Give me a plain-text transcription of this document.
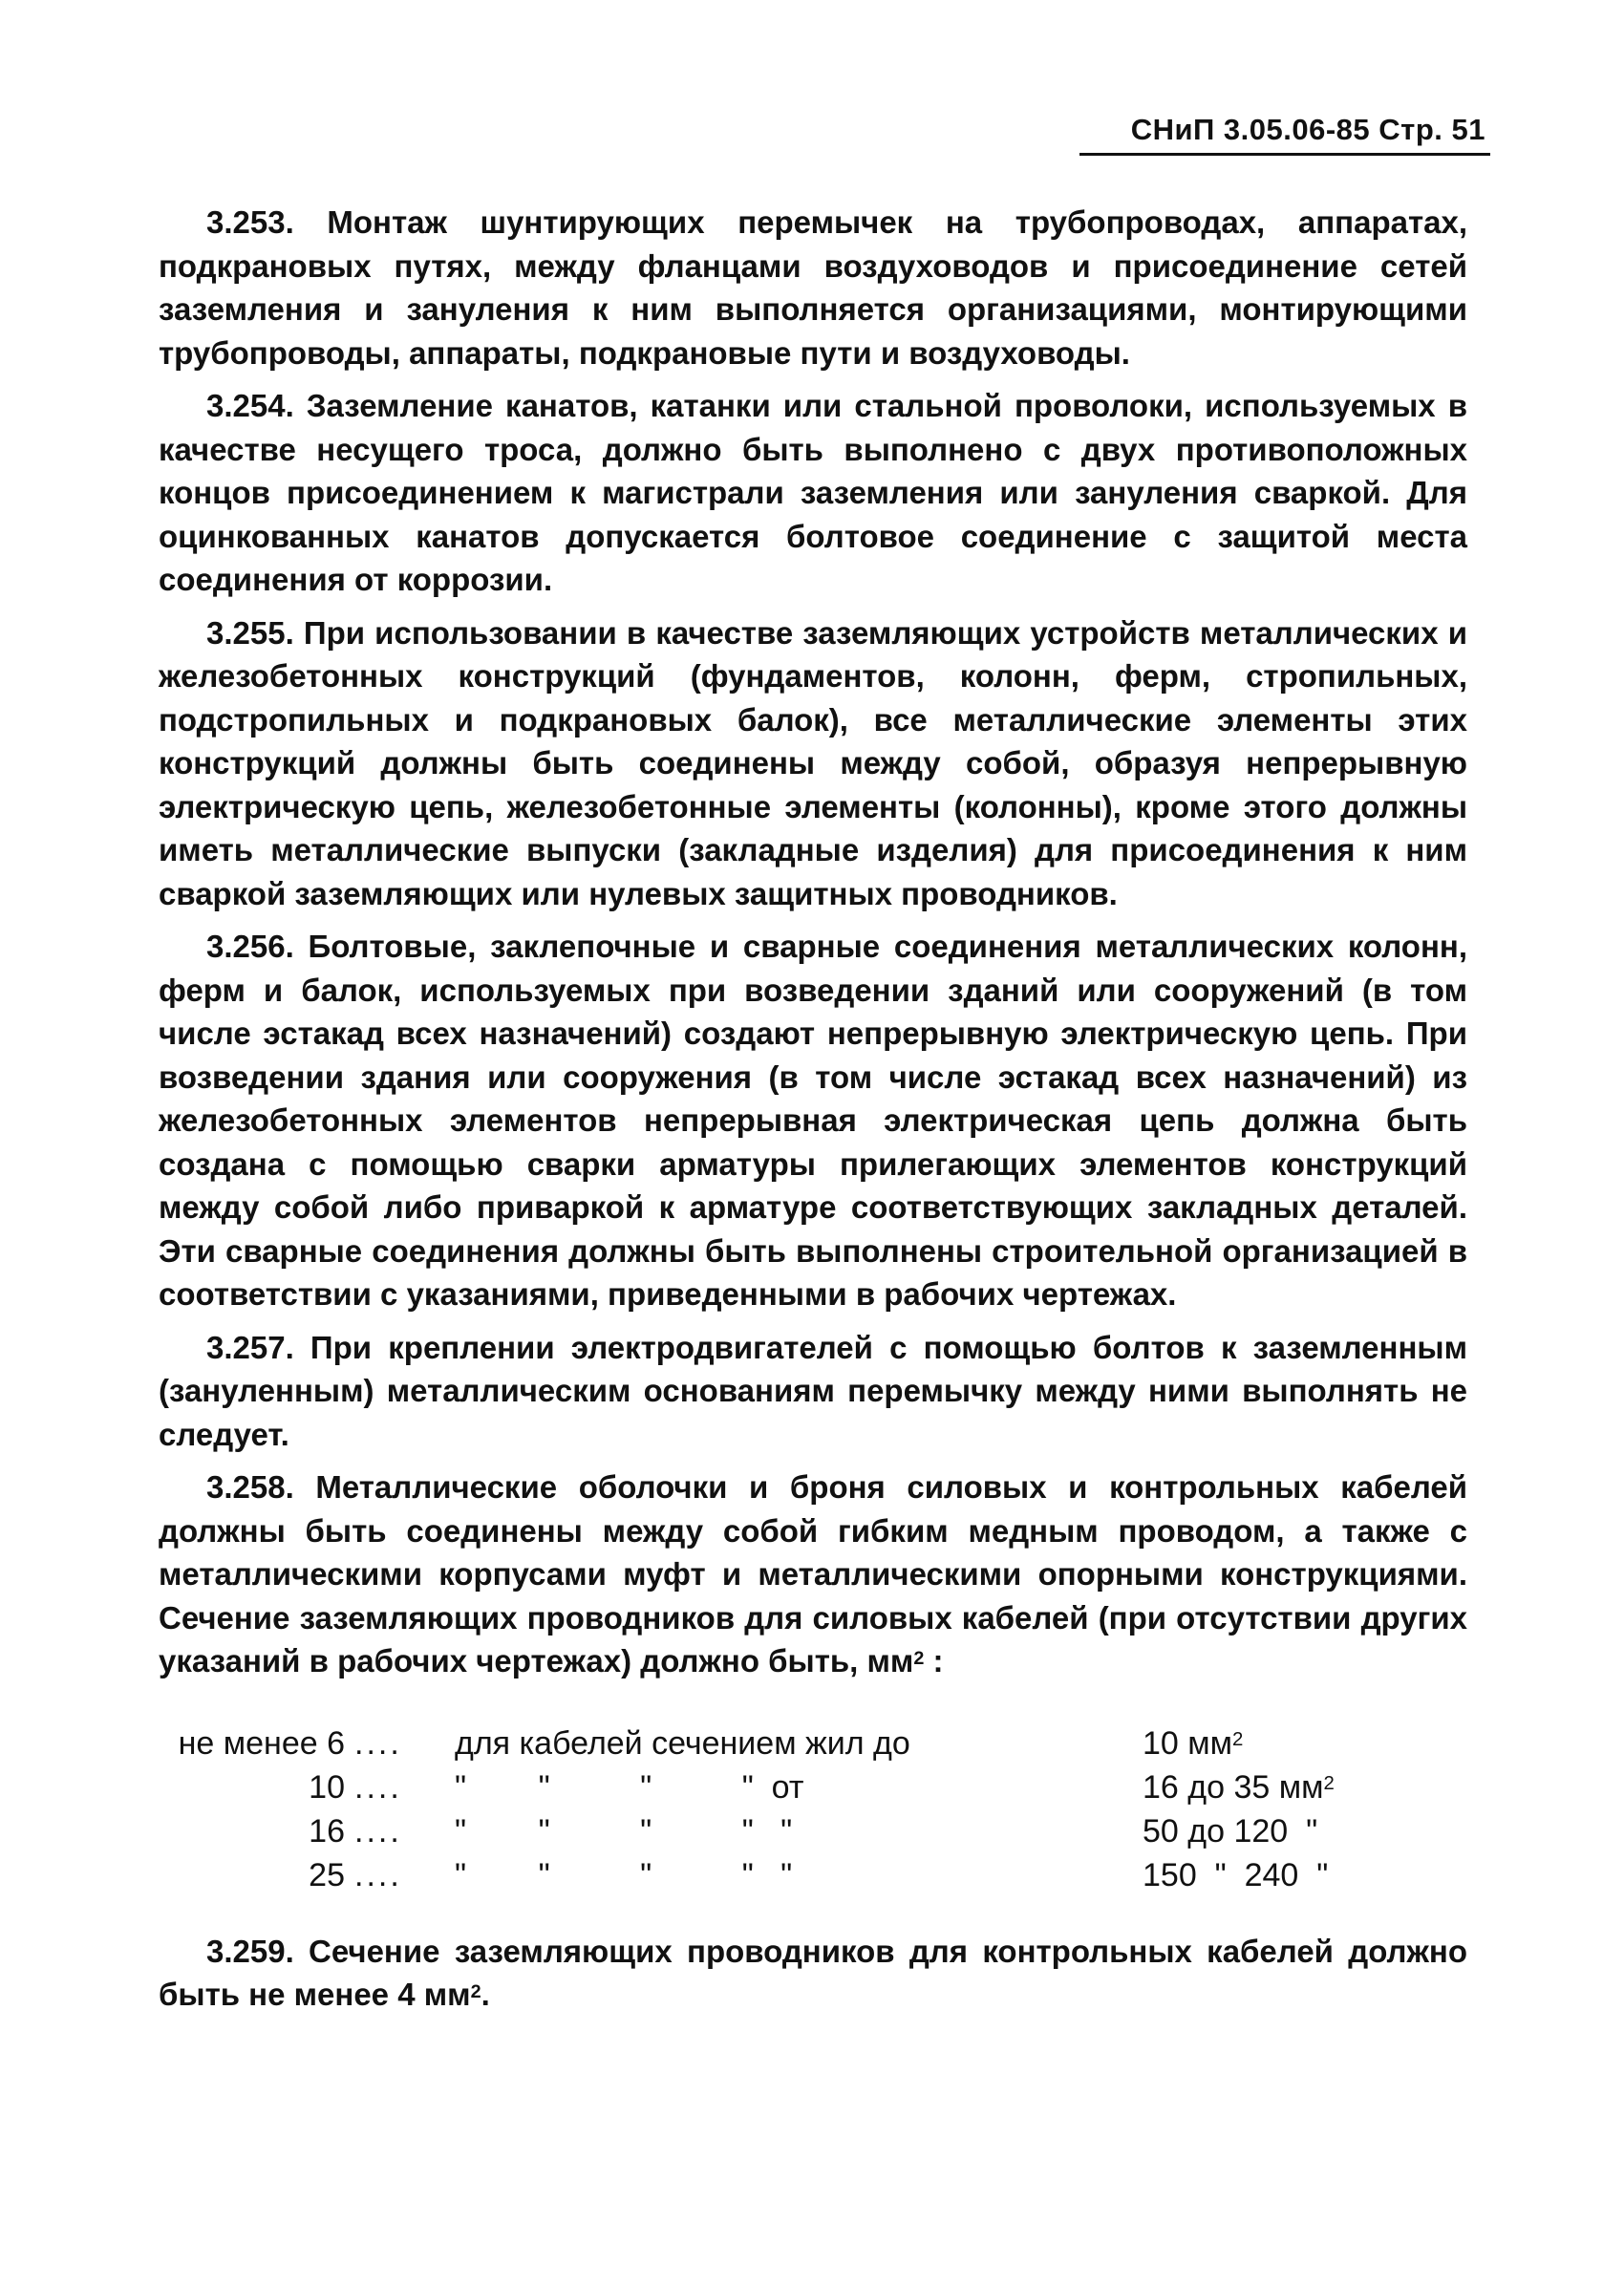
СНиП 3.05.06-85 Стр. 51

3.253. Монтаж шунтирующих перемычек на трубопроводах, аппаратах, подкрановых путях, между фланцами воздуховодов и присоединение сетей заземления и зануления к ним выполняется организациями, монтирующими трубопроводы, аппараты, подкрановые пути и воздуховоды.

3.254. Заземление канатов, катанки или стальной проволоки, используемых в качестве несущего троса, должно быть выполнено с двух противоположных концов присоединением к магистрали заземления или зануления сваркой. Для оцинкованных канатов допускается болтовое соединение с защитой места соединения от коррозии.

3.255. При использовании в качестве заземляющих устройств металлических и железобетонных конструкций (фундаментов, колонн, ферм, стропильных, подстропильных и подкрановых балок), все металлические элементы этих конструкций должны быть соединены между собой, образуя непрерывную электрическую цепь, железобетонные элементы (колонны), кроме этого должны иметь металлические выпуски (закладные изделия) для присоединения к ним сваркой заземляющих или нулевых защитных проводников.

3.256. Болтовые, заклепочные и сварные соединения металлических колонн, ферм и балок, используемых при возведении зданий или сооружений (в том числе эстакад всех назначений) создают непрерывную электрическую цепь. При возведении здания или сооружения (в том числе эстакад всех назначений) из железобетонных элементов непрерывная электрическая цепь должна быть создана с помощью сварки арматуры прилегающих элементов конструкций между собой либо приваркой к арматуре соответствующих закладных деталей. Эти сварные соединения должны быть выполнены строительной организацией в соответствии с указаниями, приведенными в рабочих чертежах.

3.257. При креплении электродвигателей с помощью болтов к заземленным (зануленным) металлическим основаниям перемычку между ними выполнять не следует.

3.258. Металлические оболочки и броня силовых и контрольных кабелей должны быть соединены между собой гибким медным проводом, а также с металлическими корпусами муфт и металлическими опорными конструкциями. Сечение заземляющих проводников для силовых кабелей (при отсутствии других указаний в рабочих чертежах) должно быть, $мм^2$ :

не менее 6 ....	для кабелей сечением жил до	10 $мм^2$
10 ....	"        "          "          "  от	16 до 35 $мм^2$
16 ....	"        "          "          "   "	50 до 120  "
25 ....	"        "          "          "   "	150  "  240  "

3.259. Сечение заземляющих проводников для контрольных кабелей должно быть не менее 4 $мм^2$.
